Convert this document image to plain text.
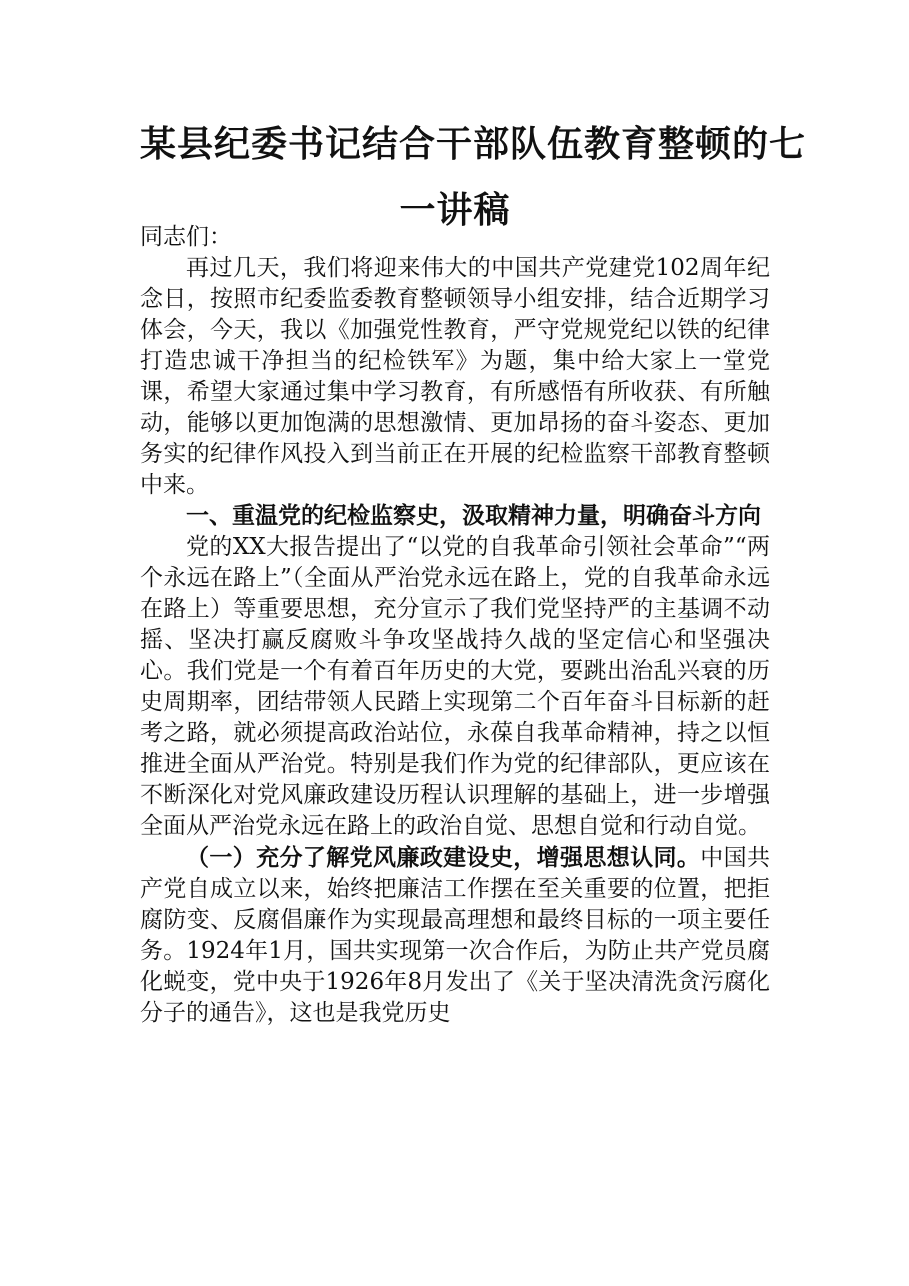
某县纪委书记结合干部队伍教育整顿的七
一讲稿

同志们：

再过几天，我们将迎来伟大的中国共产党建党102周年纪念日，按照市纪委监委教育整顿领导小组安排，结合近期学习体会，今天，我以《加强党性教育，严守党规党纪以铁的纪律打造忠诚干净担当的纪检铁军》为题，集中给大家上一堂党课，希望大家通过集中学习教育，有所感悟有所收获、有所触动，能够以更加饱满的思想激情、更加昂扬的奋斗姿态、更加务实的纪律作风投入到当前正在开展的纪检监察干部教育整顿中来。

一、重温党的纪检监察史，汲取精神力量，明确奋斗方向

党的XX大报告提出了“以党的自我革命引领社会革命”“两个永远在路上”（全面从严治党永远在路上，党的自我革命永远在路上）等重要思想，充分宣示了我们党坚持严的主基调不动摇、坚决打赢反腐败斗争攻坚战持久战的坚定信心和坚强决心。我们党是一个有着百年历史的大党，要跳出治乱兴衰的历史周期率，团结带领人民踏上实现第二个百年奋斗目标新的赶考之路，就必须提高政治站位，永葆自我革命精神，持之以恒推进全面从严治党。特别是我们作为党的纪律部队，更应该在不断深化对党风廉政建设历程认识理解的基础上，进一步增强全面从严治党永远在路上的政治自觉、思想自觉和行动自觉。

（一）充分了解党风廉政建设史，增强思想认同。中国共产党自成立以来，始终把廉洁工作摆在至关重要的位置，把拒腐防变、反腐倡廉作为实现最高理想和最终目标的一项主要任务。1924年1月，国共实现第一次合作后，为防止共产党员腐化蜕变，党中央于1926年8月发出了《关于坚决清洗贪污腐化分子的通告》，这也是我党历史
